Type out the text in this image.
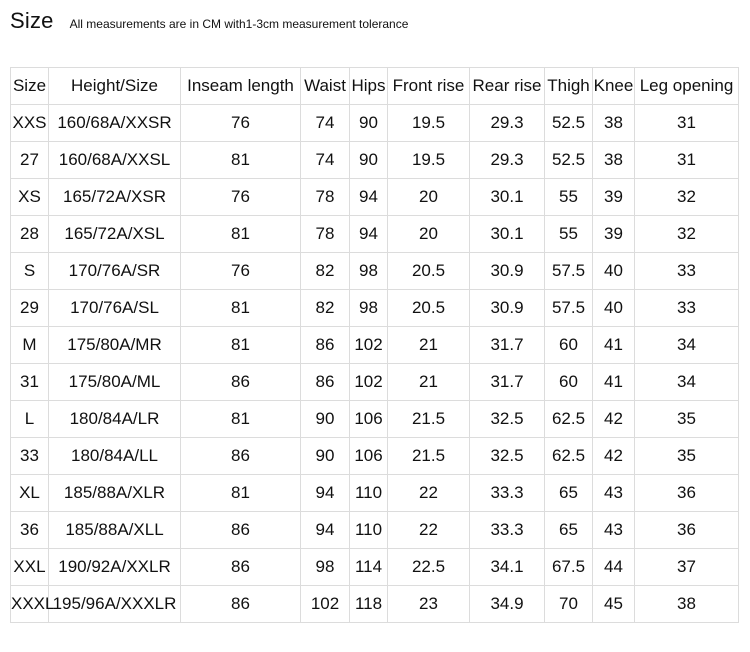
Size All measurements are in CM with1-3cm measurement tolerance
Size	Height/Size	Inseam length	Waist	Hips	Front rise	Rear rise	Thigh	Knee	Leg opening
XXS	160/68A/XXSR	76	74	90	19.5	29.3	52.5	38	31
27	160/68A/XXSL	81	74	90	19.5	29.3	52.5	38	31
XS	165/72A/XSR	76	78	94	20	30.1	55	39	32
28	165/72A/XSL	81	78	94	20	30.1	55	39	32
S	170/76A/SR	76	82	98	20.5	30.9	57.5	40	33
29	170/76A/SL	81	82	98	20.5	30.9	57.5	40	33
M	175/80A/MR	81	86	102	21	31.7	60	41	34
31	175/80A/ML	86	86	102	21	31.7	60	41	34
L	180/84A/LR	81	90	106	21.5	32.5	62.5	42	35
33	180/84A/LL	86	90	106	21.5	32.5	62.5	42	35
XL	185/88A/XLR	81	94	110	22	33.3	65	43	36
36	185/88A/XLL	86	94	110	22	33.3	65	43	36
XXL	190/92A/XXLR	86	98	114	22.5	34.1	67.5	44	37
XXXL	195/96A/XXXLR	86	102	118	23	34.9	70	45	38
